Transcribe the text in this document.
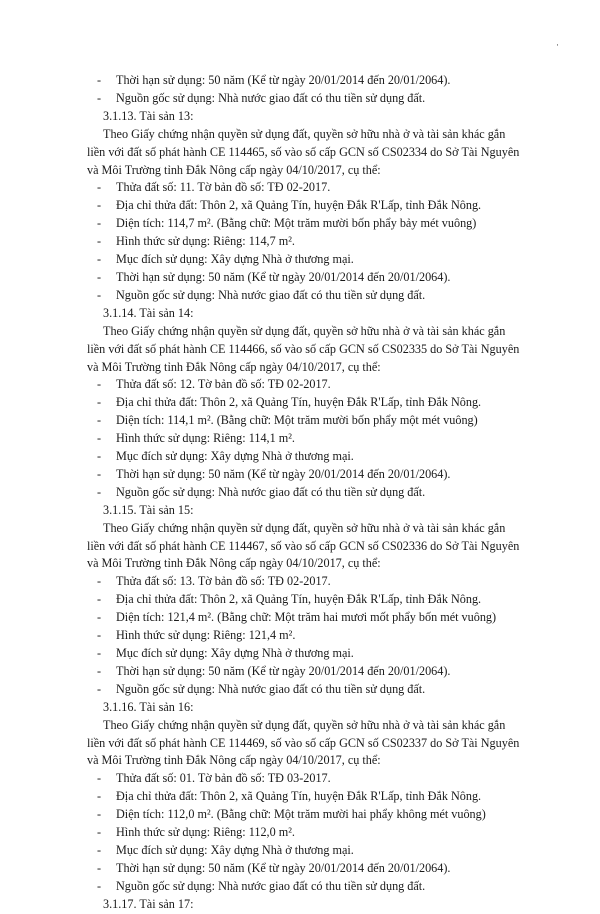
·
- Thời hạn sử dụng: 50 năm (Kể từ ngày 20/01/2014 đến 20/01/2064).
- Nguồn gốc sử dụng: Nhà nước giao đất có thu tiền sử dụng đất.
3.1.13. Tài sản 13:
Theo Giấy chứng nhận quyền sử dụng đất, quyền sở hữu nhà ở và tài sản khác gắn
liền với đất số phát hành CE 114465, số vào số cấp GCN số CS02334 do Sở Tài Nguyên
và Môi Trường tỉnh Đắk Nông cấp ngày 04/10/2017, cụ thể:
- Thửa đất số: 11. Tờ bản đồ số: TĐ 02-2017.
- Địa chỉ thửa đất: Thôn 2, xã Quảng Tín, huyện Đắk R'Lấp, tỉnh Đắk Nông.
- Diện tích: 114,7 m². (Bằng chữ: Một trăm mười bốn phẩy bảy mét vuông)
- Hình thức sử dụng: Riêng: 114,7 m².
- Mục đích sử dụng: Xây dựng Nhà ở thương mại.
- Thời hạn sử dụng: 50 năm (Kể từ ngày 20/01/2014 đến 20/01/2064).
- Nguồn gốc sử dụng: Nhà nước giao đất có thu tiền sử dụng đất.
3.1.14. Tài sản 14:
Theo Giấy chứng nhận quyền sử dụng đất, quyền sở hữu nhà ở và tài sản khác gắn
liền với đất số phát hành CE 114466, số vào số cấp GCN số CS02335 do Sở Tài Nguyên
và Môi Trường tỉnh Đắk Nông cấp ngày 04/10/2017, cụ thể:
- Thửa đất số: 12. Tờ bản đồ số: TĐ 02-2017.
- Địa chỉ thửa đất: Thôn 2, xã Quảng Tín, huyện Đắk R'Lấp, tỉnh Đắk Nông.
- Diện tích: 114,1 m². (Bằng chữ: Một trăm mười bốn phẩy một mét vuông)
- Hình thức sử dụng: Riêng: 114,1 m².
- Mục đích sử dụng: Xây dựng Nhà ở thương mại.
- Thời hạn sử dụng: 50 năm (Kể từ ngày 20/01/2014 đến 20/01/2064).
- Nguồn gốc sử dụng: Nhà nước giao đất có thu tiền sử dụng đất.
3.1.15. Tài sản 15:
Theo Giấy chứng nhận quyền sử dụng đất, quyền sở hữu nhà ở và tài sản khác gắn
liền với đất số phát hành CE 114467, số vào số cấp GCN số CS02336 do Sở Tài Nguyên
và Môi Trường tỉnh Đắk Nông cấp ngày 04/10/2017, cụ thể:
- Thửa đất số: 13. Tờ bản đồ số: TĐ 02-2017.
- Địa chỉ thửa đất: Thôn 2, xã Quảng Tín, huyện Đắk R'Lấp, tỉnh Đắk Nông.
- Diện tích: 121,4 m². (Bằng chữ: Một trăm hai mươi mốt phẩy bốn mét vuông)
- Hình thức sử dụng: Riêng: 121,4 m².
- Mục đích sử dụng: Xây dựng Nhà ở thương mại.
- Thời hạn sử dụng: 50 năm (Kể từ ngày 20/01/2014 đến 20/01/2064).
- Nguồn gốc sử dụng: Nhà nước giao đất có thu tiền sử dụng đất.
3.1.16. Tài sản 16:
Theo Giấy chứng nhận quyền sử dụng đất, quyền sở hữu nhà ở và tài sản khác gắn
liền với đất số phát hành CE 114469, số vào số cấp GCN số CS02337 do Sở Tài Nguyên
và Môi Trường tỉnh Đắk Nông cấp ngày 04/10/2017, cụ thể:
- Thửa đất số: 01. Tờ bản đồ số: TĐ 03-2017.
- Địa chỉ thửa đất: Thôn 2, xã Quảng Tín, huyện Đắk R'Lấp, tỉnh Đắk Nông.
- Diện tích: 112,0 m². (Bằng chữ: Một trăm mười hai phẩy không mét vuông)
- Hình thức sử dụng: Riêng: 112,0 m².
- Mục đích sử dụng: Xây dựng Nhà ở thương mại.
- Thời hạn sử dụng: 50 năm (Kể từ ngày 20/01/2014 đến 20/01/2064).
- Nguồn gốc sử dụng: Nhà nước giao đất có thu tiền sử dụng đất.
3.1.17. Tài sản 17:
